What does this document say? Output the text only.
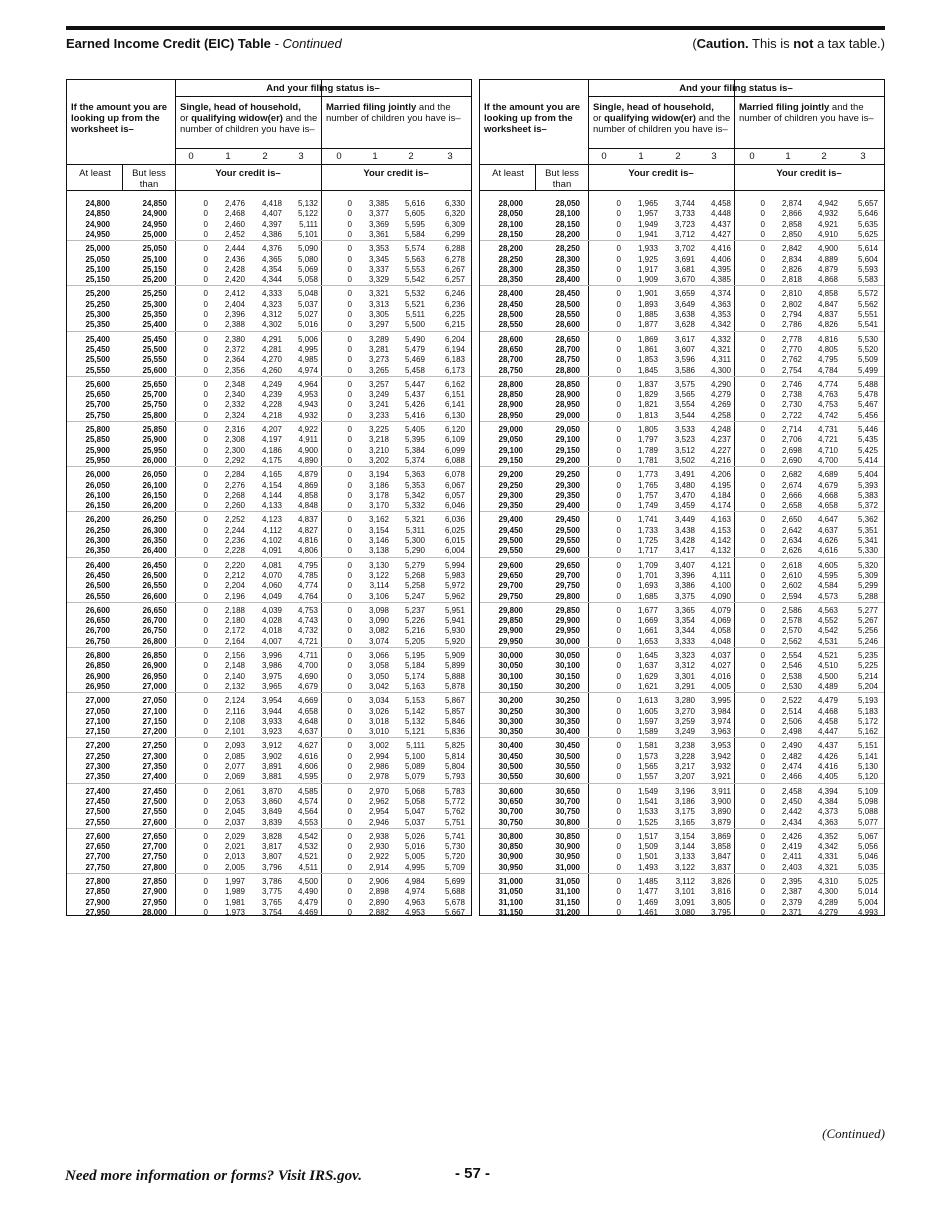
Earned Income Credit (EIC) Table - Continued	(Caution. This is not a tax table.)
And your filing status is–
If the amount you are looking up from the worksheet is–
Single, head of household,
or qualifying widow(er) and the number of children you have is–
Married filing jointly and the number of children you have is–
0	1	2	3	0	1	2	3
At least	But less than
Your credit is–	Your credit is–
24,800	24,850	0	2,476	4,418	5,132	0	3,385	5,616	6,330
24,850	24,900	0	2,468	4,407	5,122	0	3,377	5,605	6,320
24,900	24,950	0	2,460	4,397	5,111	0	3,369	5,595	6,309
24,950	25,000	0	2,452	4,386	5,101	0	3,361	5,584	6,299
25,000	25,050	0	2,444	4,376	5,090	0	3,353	5,574	6,288
25,050	25,100	0	2,436	4,365	5,080	0	3,345	5,563	6,278
25,100	25,150	0	2,428	4,354	5,069	0	3,337	5,553	6,267
25,150	25,200	0	2,420	4,344	5,058	0	3,329	5,542	6,257
25,200	25,250	0	2,412	4,333	5,048	0	3,321	5,532	6,246
25,250	25,300	0	2,404	4,323	5,037	0	3,313	5,521	6,236
25,300	25,350	0	2,396	4,312	5,027	0	3,305	5,511	6,225
25,350	25,400	0	2,388	4,302	5,016	0	3,297	5,500	6,215
25,400	25,450	0	2,380	4,291	5,006	0	3,289	5,490	6,204
25,450	25,500	0	2,372	4,281	4,995	0	3,281	5,479	6,194
25,500	25,550	0	2,364	4,270	4,985	0	3,273	5,469	6,183
25,550	25,600	0	2,356	4,260	4,974	0	3,265	5,458	6,173
25,600	25,650	0	2,348	4,249	4,964	0	3,257	5,447	6,162
25,650	25,700	0	2,340	4,239	4,953	0	3,249	5,437	6,151
25,700	25,750	0	2,332	4,228	4,943	0	3,241	5,426	6,141
25,750	25,800	0	2,324	4,218	4,932	0	3,233	5,416	6,130
25,800	25,850	0	2,316	4,207	4,922	0	3,225	5,405	6,120
25,850	25,900	0	2,308	4,197	4,911	0	3,218	5,395	6,109
25,900	25,950	0	2,300	4,186	4,900	0	3,210	5,384	6,099
25,950	26,000	0	2,292	4,175	4,890	0	3,202	5,374	6,088
26,000	26,050	0	2,284	4,165	4,879	0	3,194	5,363	6,078
26,050	26,100	0	2,276	4,154	4,869	0	3,186	5,353	6,067
26,100	26,150	0	2,268	4,144	4,858	0	3,178	5,342	6,057
26,150	26,200	0	2,260	4,133	4,848	0	3,170	5,332	6,046
26,200	26,250	0	2,252	4,123	4,837	0	3,162	5,321	6,036
26,250	26,300	0	2,244	4,112	4,827	0	3,154	5,311	6,025
26,300	26,350	0	2,236	4,102	4,816	0	3,146	5,300	6,015
26,350	26,400	0	2,228	4,091	4,806	0	3,138	5,290	6,004
26,400	26,450	0	2,220	4,081	4,795	0	3,130	5,279	5,994
26,450	26,500	0	2,212	4,070	4,785	0	3,122	5,268	5,983
26,500	26,550	0	2,204	4,060	4,774	0	3,114	5,258	5,972
26,550	26,600	0	2,196	4,049	4,764	0	3,106	5,247	5,962
26,600	26,650	0	2,188	4,039	4,753	0	3,098	5,237	5,951
26,650	26,700	0	2,180	4,028	4,743	0	3,090	5,226	5,941
26,700	26,750	0	2,172	4,018	4,732	0	3,082	5,216	5,930
26,750	26,800	0	2,164	4,007	4,721	0	3,074	5,205	5,920
26,800	26,850	0	2,156	3,996	4,711	0	3,066	5,195	5,909
26,850	26,900	0	2,148	3,986	4,700	0	3,058	5,184	5,899
26,900	26,950	0	2,140	3,975	4,690	0	3,050	5,174	5,888
26,950	27,000	0	2,132	3,965	4,679	0	3,042	5,163	5,878
27,000	27,050	0	2,124	3,954	4,669	0	3,034	5,153	5,867
27,050	27,100	0	2,116	3,944	4,658	0	3,026	5,142	5,857
27,100	27,150	0	2,108	3,933	4,648	0	3,018	5,132	5,846
27,150	27,200	0	2,101	3,923	4,637	0	3,010	5,121	5,836
27,200	27,250	0	2,093	3,912	4,627	0	3,002	5,111	5,825
27,250	27,300	0	2,085	3,902	4,616	0	2,994	5,100	5,814
27,300	27,350	0	2,077	3,891	4,606	0	2,986	5,089	5,804
27,350	27,400	0	2,069	3,881	4,595	0	2,978	5,079	5,793
27,400	27,450	0	2,061	3,870	4,585	0	2,970	5,068	5,783
27,450	27,500	0	2,053	3,860	4,574	0	2,962	5,058	5,772
27,500	27,550	0	2,045	3,849	4,564	0	2,954	5,047	5,762
27,550	27,600	0	2,037	3,839	4,553	0	2,946	5,037	5,751
27,600	27,650	0	2,029	3,828	4,542	0	2,938	5,026	5,741
27,650	27,700	0	2,021	3,817	4,532	0	2,930	5,016	5,730
27,700	27,750	0	2,013	3,807	4,521	0	2,922	5,005	5,720
27,750	27,800	0	2,005	3,796	4,511	0	2,914	4,995	5,709
27,800	27,850	0	1,997	3,786	4,500	0	2,906	4,984	5,699
27,850	27,900	0	1,989	3,775	4,490	0	2,898	4,974	5,688
27,900	27,950	0	1,981	3,765	4,479	0	2,890	4,963	5,678
27,950	28,000	0	1,973	3,754	4,469	0	2,882	4,953	5,667
And your filing status is–
If the amount you are looking up from the worksheet is–
Single, head of household,
or qualifying widow(er) and the number of children you have is–
Married filing jointly and the number of children you have is–
0	1	2	3	0	1	2	3
At least	But less than
Your credit is–	Your credit is–
28,000	28,050	0	1,965	3,744	4,458	0	2,874	4,942	5,657
28,050	28,100	0	1,957	3,733	4,448	0	2,866	4,932	5,646
28,100	28,150	0	1,949	3,723	4,437	0	2,858	4,921	5,635
28,150	28,200	0	1,941	3,712	4,427	0	2,850	4,910	5,625
28,200	28,250	0	1,933	3,702	4,416	0	2,842	4,900	5,614
28,250	28,300	0	1,925	3,691	4,406	0	2,834	4,889	5,604
28,300	28,350	0	1,917	3,681	4,395	0	2,826	4,879	5,593
28,350	28,400	0	1,909	3,670	4,385	0	2,818	4,868	5,583
28,400	28,450	0	1,901	3,659	4,374	0	2,810	4,858	5,572
28,450	28,500	0	1,893	3,649	4,363	0	2,802	4,847	5,562
28,500	28,550	0	1,885	3,638	4,353	0	2,794	4,837	5,551
28,550	28,600	0	1,877	3,628	4,342	0	2,786	4,826	5,541
28,600	28,650	0	1,869	3,617	4,332	0	2,778	4,816	5,530
28,650	28,700	0	1,861	3,607	4,321	0	2,770	4,805	5,520
28,700	28,750	0	1,853	3,596	4,311	0	2,762	4,795	5,509
28,750	28,800	0	1,845	3,586	4,300	0	2,754	4,784	5,499
28,800	28,850	0	1,837	3,575	4,290	0	2,746	4,774	5,488
28,850	28,900	0	1,829	3,565	4,279	0	2,738	4,763	5,478
28,900	28,950	0	1,821	3,554	4,269	0	2,730	4,753	5,467
28,950	29,000	0	1,813	3,544	4,258	0	2,722	4,742	5,456
29,000	29,050	0	1,805	3,533	4,248	0	2,714	4,731	5,446
29,050	29,100	0	1,797	3,523	4,237	0	2,706	4,721	5,435
29,100	29,150	0	1,789	3,512	4,227	0	2,698	4,710	5,425
29,150	29,200	0	1,781	3,502	4,216	0	2,690	4,700	5,414
29,200	29,250	0	1,773	3,491	4,206	0	2,682	4,689	5,404
29,250	29,300	0	1,765	3,480	4,195	0	2,674	4,679	5,393
29,300	29,350	0	1,757	3,470	4,184	0	2,666	4,668	5,383
29,350	29,400	0	1,749	3,459	4,174	0	2,658	4,658	5,372
29,400	29,450	0	1,741	3,449	4,163	0	2,650	4,647	5,362
29,450	29,500	0	1,733	3,438	4,153	0	2,642	4,637	5,351
29,500	29,550	0	1,725	3,428	4,142	0	2,634	4,626	5,341
29,550	29,600	0	1,717	3,417	4,132	0	2,626	4,616	5,330
29,600	29,650	0	1,709	3,407	4,121	0	2,618	4,605	5,320
29,650	29,700	0	1,701	3,396	4,111	0	2,610	4,595	5,309
29,700	29,750	0	1,693	3,386	4,100	0	2,602	4,584	5,299
29,750	29,800	0	1,685	3,375	4,090	0	2,594	4,573	5,288
29,800	29,850	0	1,677	3,365	4,079	0	2,586	4,563	5,277
29,850	29,900	0	1,669	3,354	4,069	0	2,578	4,552	5,267
29,900	29,950	0	1,661	3,344	4,058	0	2,570	4,542	5,256
29,950	30,000	0	1,653	3,333	4,048	0	2,562	4,531	5,246
30,000	30,050	0	1,645	3,323	4,037	0	2,554	4,521	5,235
30,050	30,100	0	1,637	3,312	4,027	0	2,546	4,510	5,225
30,100	30,150	0	1,629	3,301	4,016	0	2,538	4,500	5,214
30,150	30,200	0	1,621	3,291	4,005	0	2,530	4,489	5,204
30,200	30,250	0	1,613	3,280	3,995	0	2,522	4,479	5,193
30,250	30,300	0	1,605	3,270	3,984	0	2,514	4,468	5,183
30,300	30,350	0	1,597	3,259	3,974	0	2,506	4,458	5,172
30,350	30,400	0	1,589	3,249	3,963	0	2,498	4,447	5,162
30,400	30,450	0	1,581	3,238	3,953	0	2,490	4,437	5,151
30,450	30,500	0	1,573	3,228	3,942	0	2,482	4,426	5,141
30,500	30,550	0	1,565	3,217	3,932	0	2,474	4,416	5,130
30,550	30,600	0	1,557	3,207	3,921	0	2,466	4,405	5,120
30,600	30,650	0	1,549	3,196	3,911	0	2,458	4,394	5,109
30,650	30,700	0	1,541	3,186	3,900	0	2,450	4,384	5,098
30,700	30,750	0	1,533	3,175	3,890	0	2,442	4,373	5,088
30,750	30,800	0	1,525	3,165	3,879	0	2,434	4,363	5,077
30,800	30,850	0	1,517	3,154	3,869	0	2,426	4,352	5,067
30,850	30,900	0	1,509	3,144	3,858	0	2,419	4,342	5,056
30,900	30,950	0	1,501	3,133	3,847	0	2,411	4,331	5,046
30,950	31,000	0	1,493	3,122	3,837	0	2,403	4,321	5,035
31,000	31,050	0	1,485	3,112	3,826	0	2,395	4,310	5,025
31,050	31,100	0	1,477	3,101	3,816	0	2,387	4,300	5,014
31,100	31,150	0	1,469	3,091	3,805	0	2,379	4,289	5,004
31,150	31,200	0	1,461	3,080	3,795	0	2,371	4,279	4,993
(Continued)
Need more information or forms? Visit IRS.gov.	- 57 -
